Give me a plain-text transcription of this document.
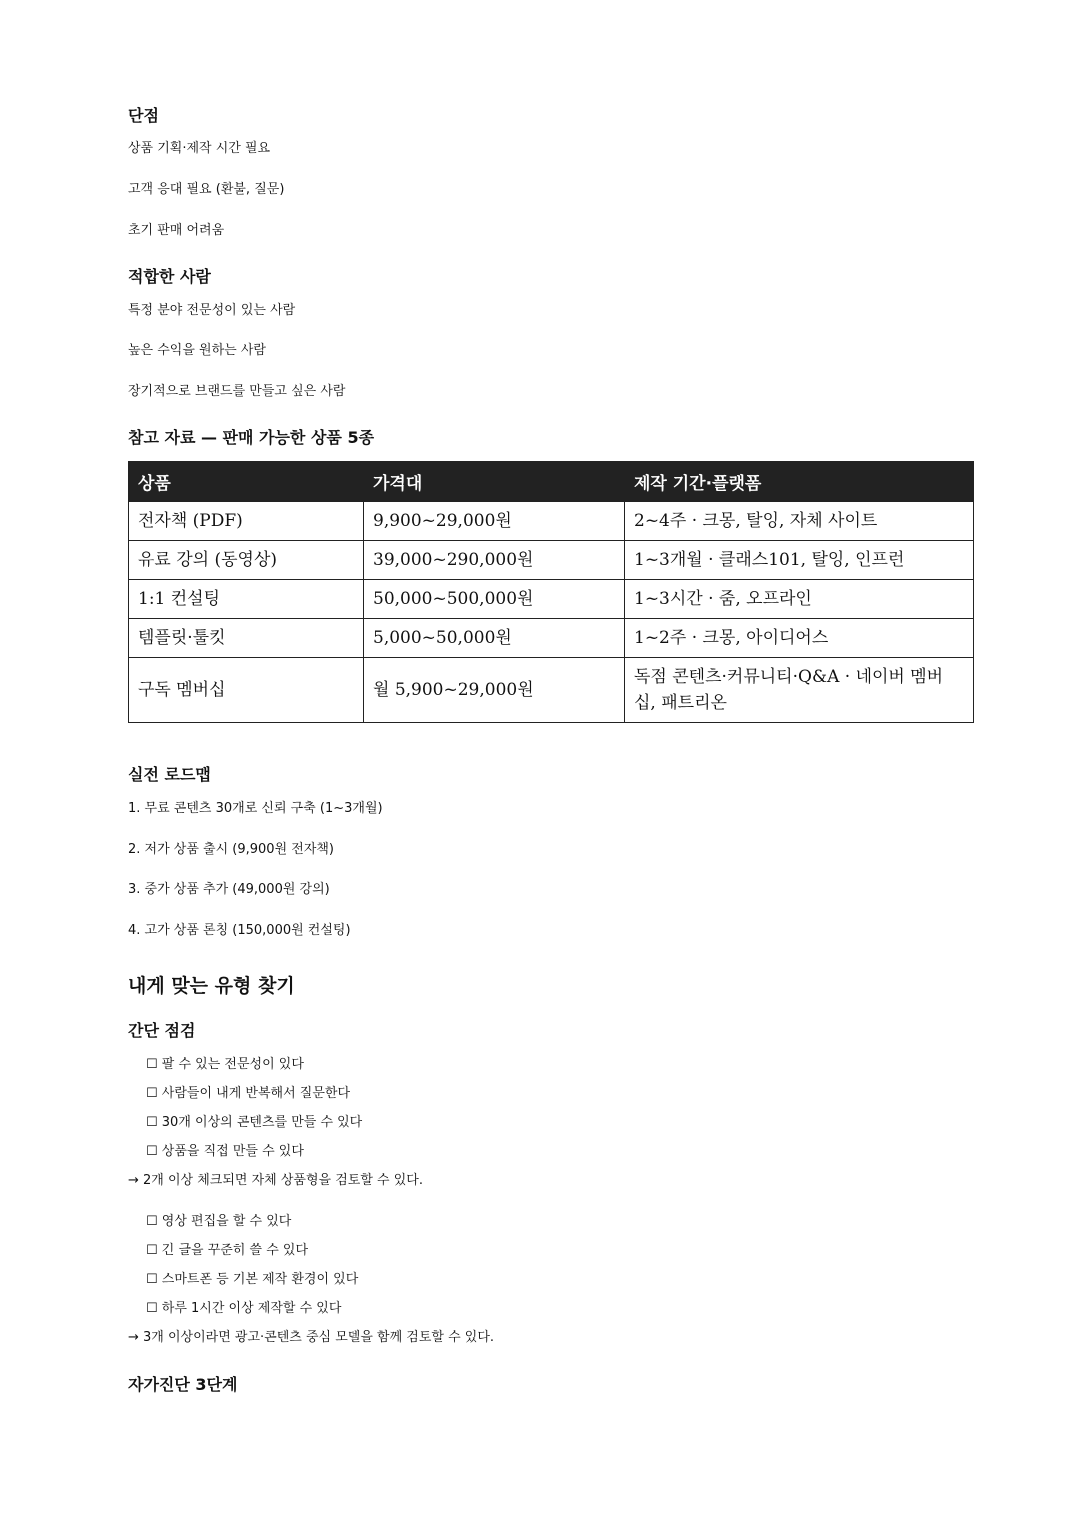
단점

상품 기획·제작 시간 필요

고객 응대 필요 (환불, 질문)

초기 판매 어려움

적합한 사람

특정 분야 전문성이 있는 사람

높은 수익을 원하는 사람

장기적으로 브랜드를 만들고 싶은 사람

참고 자료 — 판매 가능한 상품 5종

상품	가격대	제작 기간·플랫폼
전자책 (PDF)	9,900~29,000원	2~4주 · 크몽, 탈잉, 자체 사이트
유료 강의 (동영상)	39,000~290,000원	1~3개월 · 클래스101, 탈잉, 인프런
1:1 컨설팅	50,000~500,000원	1~3시간 · 줌, 오프라인
템플릿·툴킷	5,000~50,000원	1~2주 · 크몽, 아이디어스
구독 멤버십	월 5,900~29,000원	독점 콘텐츠·커뮤니티·Q&A · 네이버 멤버십, 패트리온

실전 로드맵

1. 무료 콘텐츠 30개로 신뢰 구축 (1~3개월)

2. 저가 상품 출시 (9,900원 전자책)

3. 중가 상품 추가 (49,000원 강의)

4. 고가 상품 론칭 (150,000원 컨설팅)

내게 맞는 유형 찾기

간단 점검

☐ 팔 수 있는 전문성이 있다

☐ 사람들이 내게 반복해서 질문한다

☐ 30개 이상의 콘텐츠를 만들 수 있다

☐ 상품을 직접 만들 수 있다

→ 2개 이상 체크되면 자체 상품형을 검토할 수 있다.

☐ 영상 편집을 할 수 있다

☐ 긴 글을 꾸준히 쓸 수 있다

☐ 스마트폰 등 기본 제작 환경이 있다

☐ 하루 1시간 이상 제작할 수 있다

→ 3개 이상이라면 광고·콘텐츠 중심 모델을 함께 검토할 수 있다.

자가진단 3단계
